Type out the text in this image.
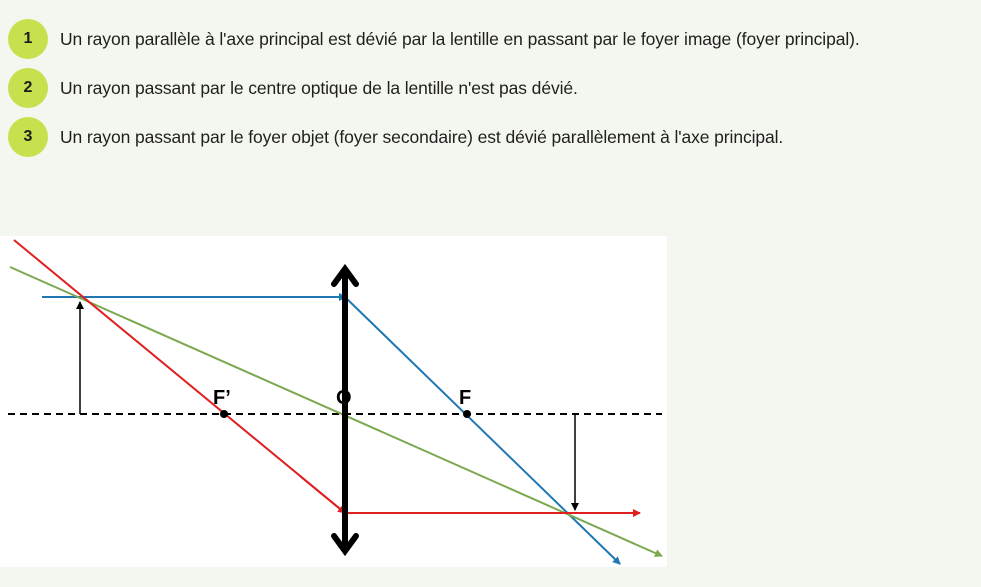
1	Un rayon parallèle à l'axe principal est dévié par la lentille en passant par le foyer image (foyer principal).
2	Un rayon passant par le centre optique de la lentille n'est pas dévié.
3	Un rayon passant par le foyer objet (foyer secondaire) est dévié parallèlement à l'axe principal.
F’	O	F
